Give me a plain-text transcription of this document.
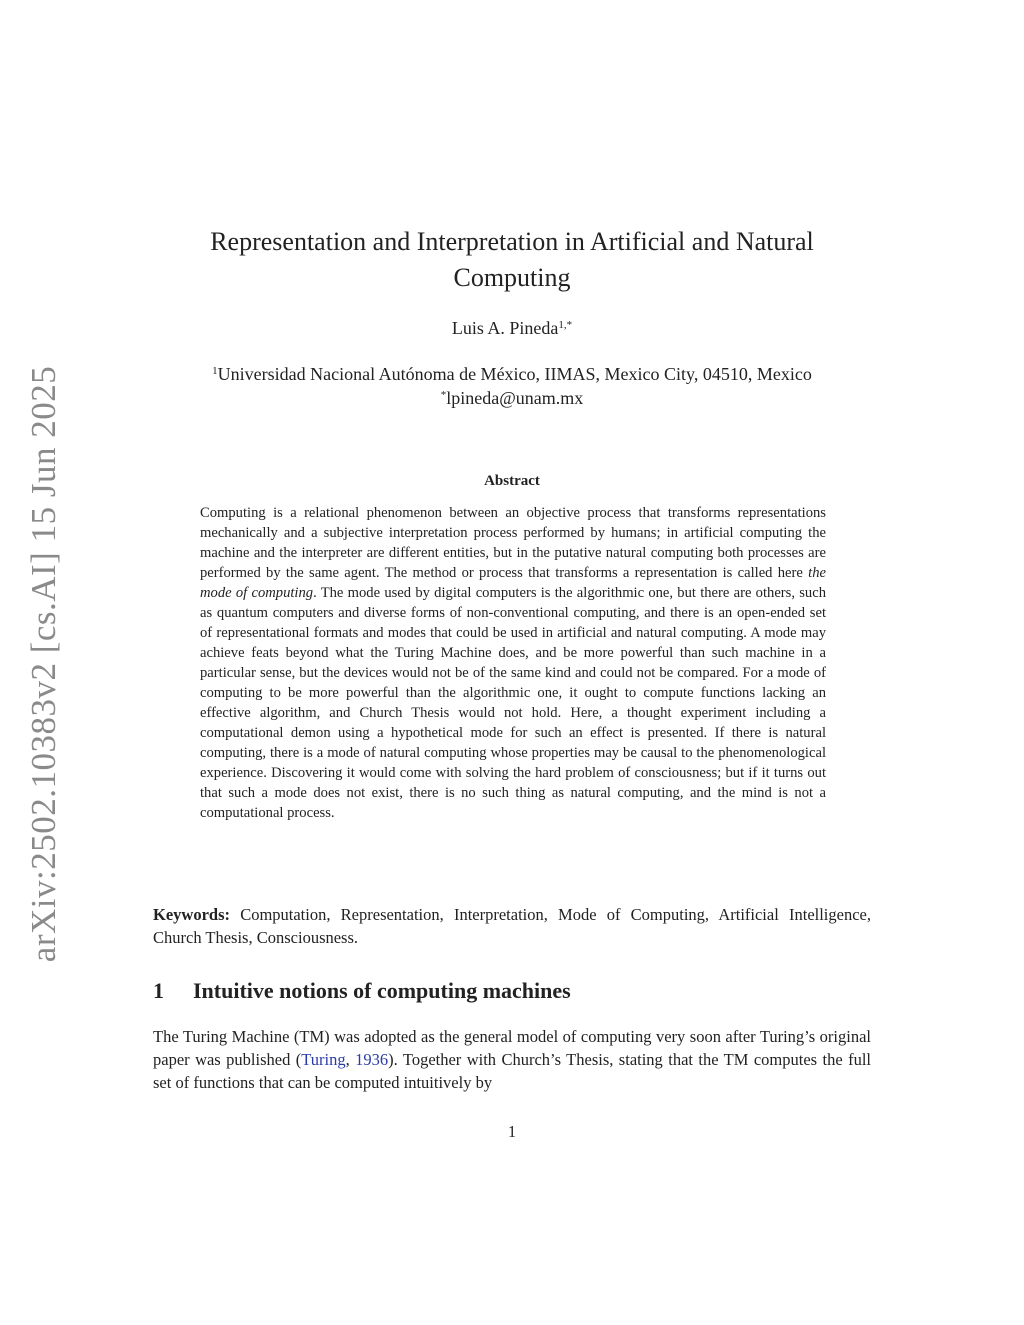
arXiv:2502.10383v2 [cs.AI] 15 Jun 2025
Representation and Interpretation in Artificial and Natural Computing
Luis A. Pineda$^{1,*}$
$^1$Universidad Nacional Autónoma de México, IIMAS, Mexico City, 04510, Mexico
*lpineda@unam.mx
Abstract
Computing is a relational phenomenon between an objective process that transforms representations mechanically and a subjective interpretation process performed by humans; in artificial computing the machine and the interpreter are different entities, but in the putative natural computing both processes are performed by the same agent. The method or process that transforms a representation is called here the mode of computing. The mode used by digital computers is the algorithmic one, but there are others, such as quantum computers and diverse forms of non-conventional computing, and there is an open-ended set of representational formats and modes that could be used in artificial and natural computing. A mode may achieve feats beyond what the Turing Machine does, and be more powerful than such machine in a particular sense, but the devices would not be of the same kind and could not be compared. For a mode of computing to be more powerful than the algorithmic one, it ought to compute functions lacking an effective algorithm, and Church Thesis would not hold. Here, a thought experiment including a computational demon using a hypothetical mode for such an effect is presented. If there is natural computing, there is a mode of natural computing whose properties may be causal to the phenomenological experience. Discovering it would come with solving the hard problem of consciousness; but if it turns out that such a mode does not exist, there is no such thing as natural computing, and the mind is not a computational process.
Keywords: Computation, Representation, Interpretation, Mode of Computing, Artificial Intelligence, Church Thesis, Consciousness.
1 Intuitive notions of computing machines
The Turing Machine (TM) was adopted as the general model of computing very soon after Turing’s original paper was published (Turing, 1936). Together with Church’s Thesis, stating that the TM computes the full set of functions that can be computed intuitively by
1
